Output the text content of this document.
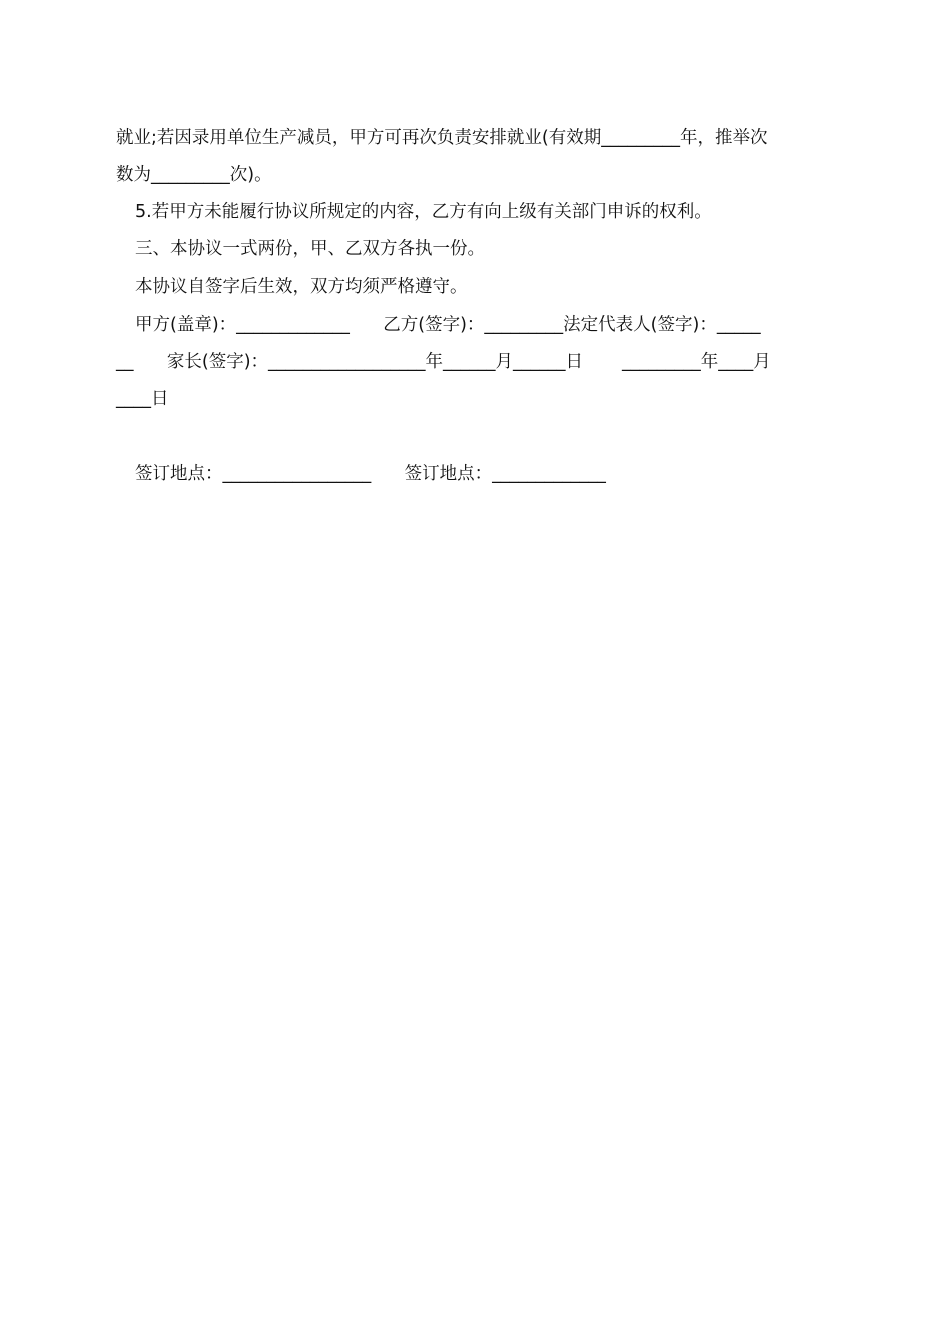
就业;若因录用单位生产减员，甲方可再次负责安排就业(有效期_________年，推举次
数为_________次)。
5.若甲方未能履行协议所规定的内容，乙方有向上级有关部门申诉的权利。
三、本协议一式两份，甲、乙双方各执一份。
本协议自签字后生效，双方均须严格遵守。
甲方(盖章)：_____________      乙方(签字)：_________法定代表人(签字)：_____
__      家长(签字)：__________________年______月______日       _________年____月
____日
签订地点：_________________      签订地点：_____________
